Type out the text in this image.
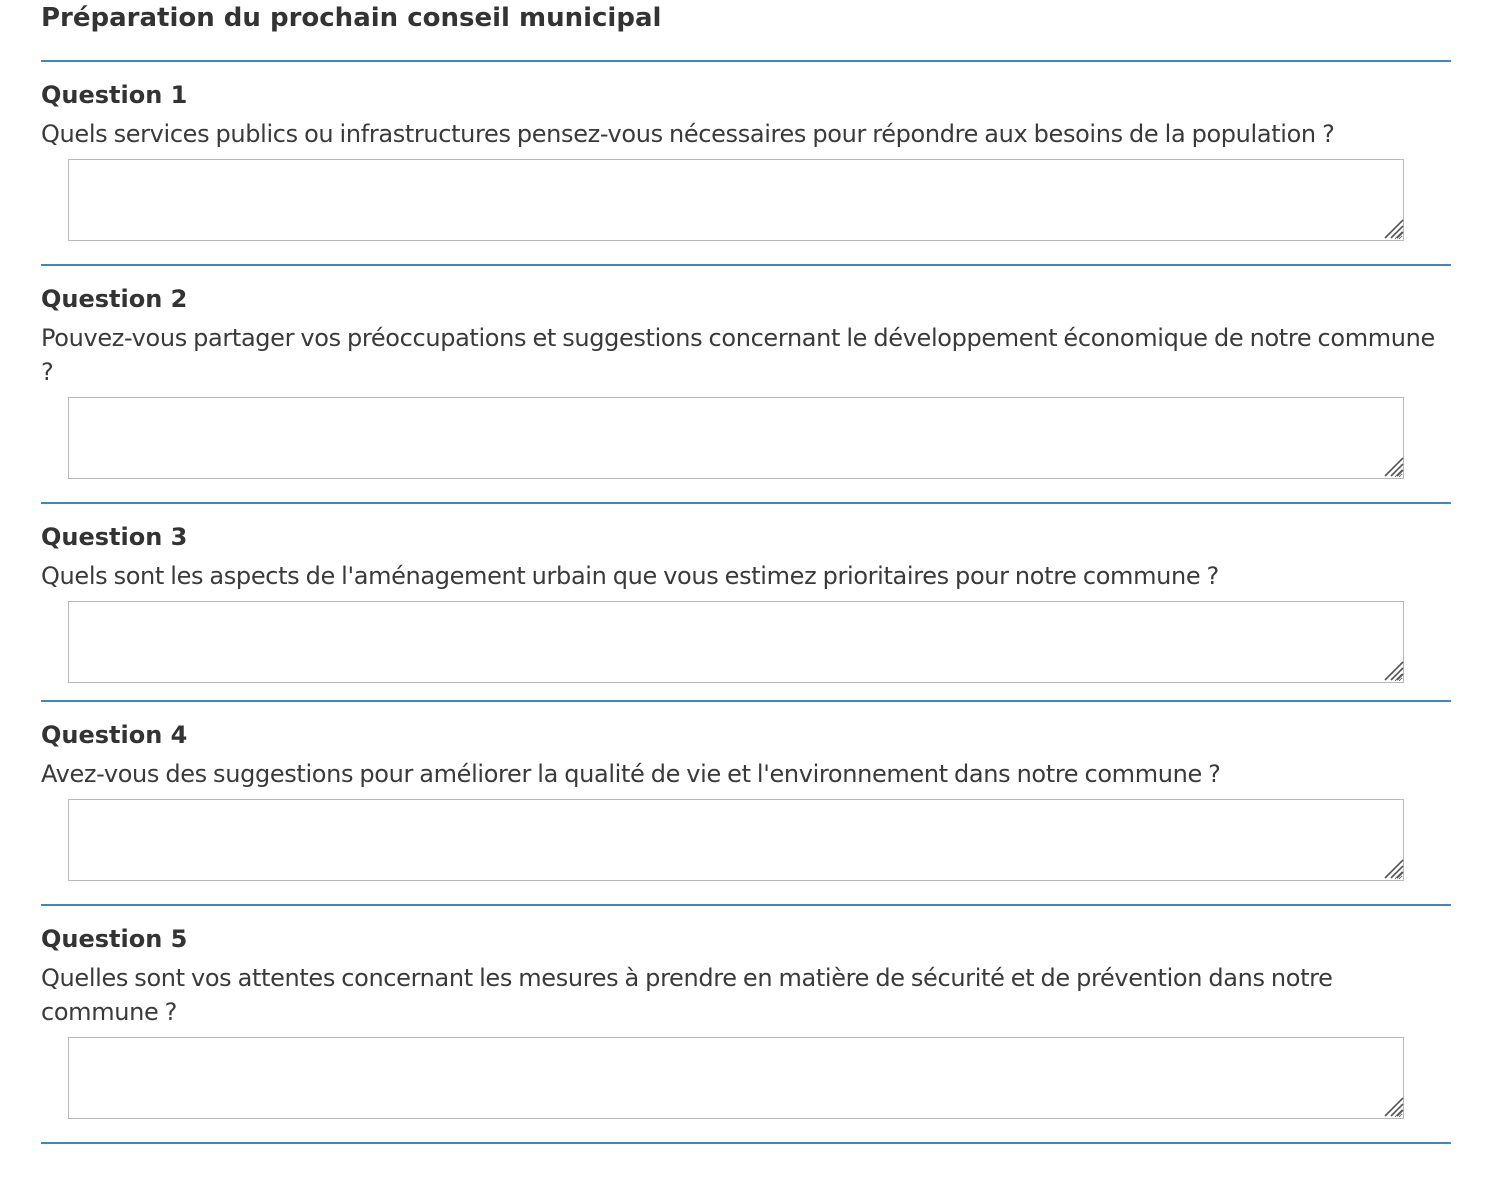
Préparation du prochain conseil municipal
Question 1
Quels services publics ou infrastructures pensez-vous nécessaires pour répondre aux besoins de la population ?
Question 2
Pouvez-vous partager vos préoccupations et suggestions concernant le développement économique de notre commune ?
Question 3
Quels sont les aspects de l'aménagement urbain que vous estimez prioritaires pour notre commune ?
Question 4
Avez-vous des suggestions pour améliorer la qualité de vie et l'environnement dans notre commune ?
Question 5
Quelles sont vos attentes concernant les mesures à prendre en matière de sécurité et de prévention dans notre commune ?
